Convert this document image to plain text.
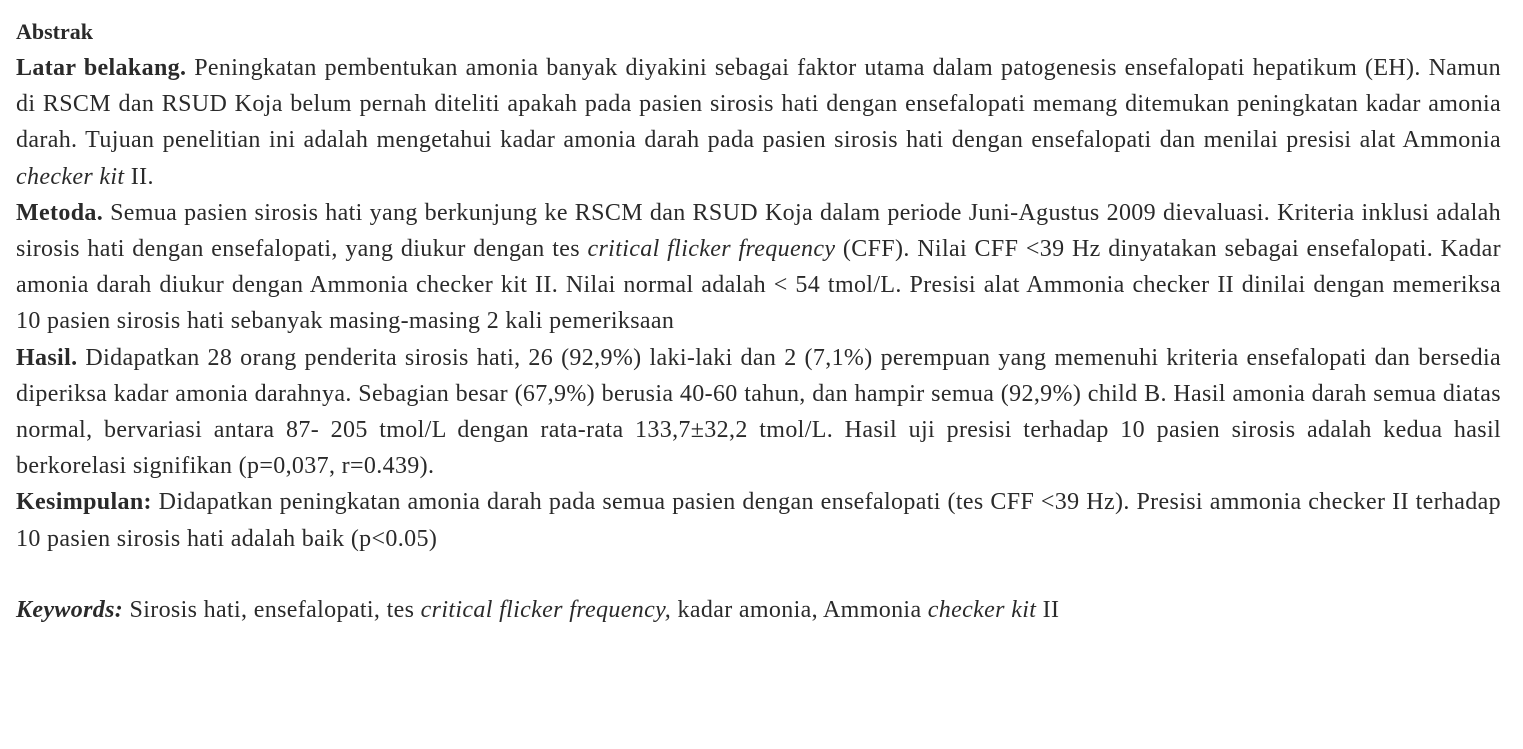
Abstrak

Latar belakang. Peningkatan pembentukan amonia banyak diyakini sebagai faktor utama dalam patogenesis ensefalopati hepatikum (EH). Namun di RSCM dan RSUD Koja belum pernah diteliti apakah pada pasien sirosis hati dengan ensefalopati memang ditemukan peningkatan kadar amonia darah. Tujuan penelitian ini adalah mengetahui kadar amonia darah pada pasien sirosis hati dengan ensefalopati dan menilai presisi alat Ammonia checker kit II.

Metoda. Semua pasien sirosis hati yang berkunjung ke RSCM dan RSUD Koja dalam periode Juni-Agustus 2009 dievaluasi. Kriteria inklusi adalah sirosis hati dengan ensefalopati, yang diukur dengan tes critical flicker frequency (CFF). Nilai CFF <39 Hz dinyatakan sebagai ensefalopati. Kadar amonia darah diukur dengan Ammonia checker kit II. Nilai normal adalah < 54 tmol/L. Presisi alat Ammonia checker II dinilai dengan memeriksa 10 pasien sirosis hati sebanyak masing-masing 2 kali pemeriksaan

Hasil. Didapatkan 28 orang penderita sirosis hati, 26 (92,9%) laki-laki dan 2 (7,1%) perempuan yang memenuhi kriteria ensefalopati dan bersedia diperiksa kadar amonia darahnya. Sebagian besar (67,9%) berusia 40-60 tahun, dan hampir semua (92,9%) child B. Hasil amonia darah semua diatas normal, bervariasi antara 87- 205 tmol/L dengan rata-rata 133,7±32,2 tmol/L. Hasil uji presisi terhadap 10 pasien sirosis adalah kedua hasil berkorelasi signifikan (p=0,037, r=0.439).

Kesimpulan: Didapatkan peningkatan amonia darah pada semua pasien dengan ensefalopati (tes CFF <39 Hz). Presisi ammonia checker II terhadap 10 pasien sirosis hati adalah baik (p<0.05)

Keywords: Sirosis hati, ensefalopati, tes critical flicker frequency, kadar amonia, Ammonia checker kit II
